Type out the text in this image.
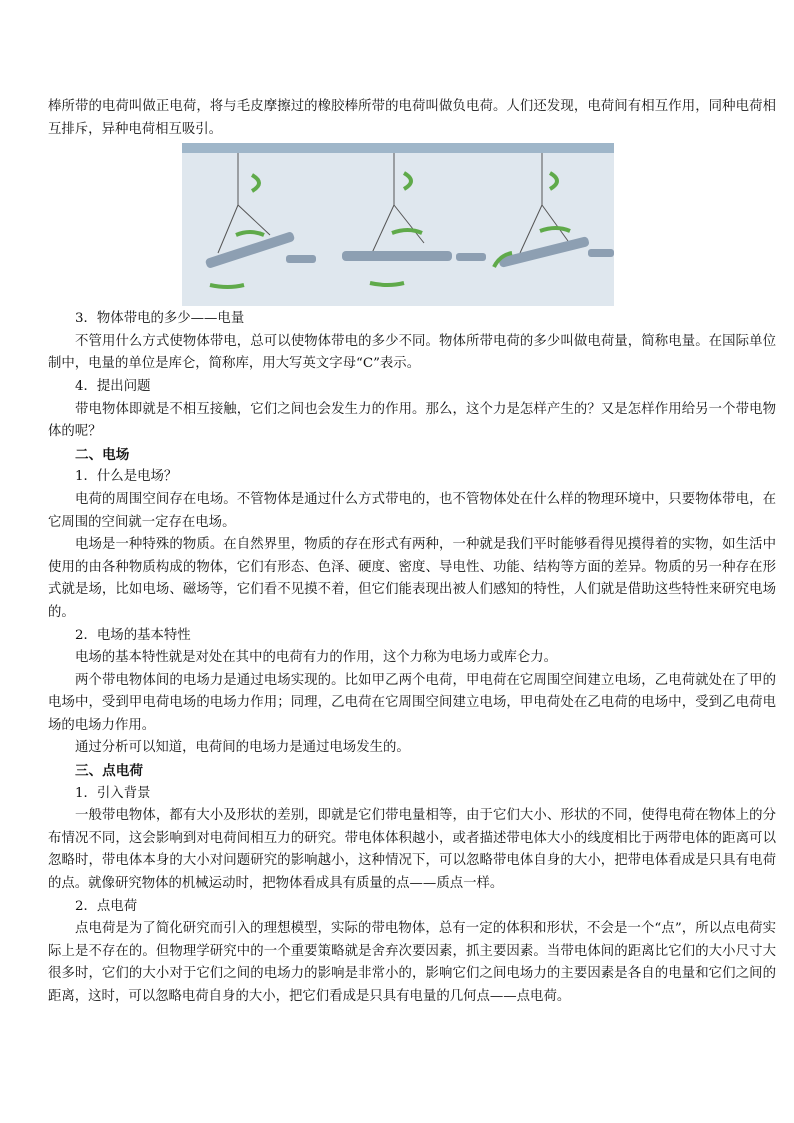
棒所带的电荷叫做正电荷，将与毛皮摩擦过的橡胶棒所带的电荷叫做负电荷。人们还发现，电荷间有相互作用，同种电荷相互排斥，异种电荷相互吸引。

3．物体带电的多少——电量

不管用什么方式使物体带电，总可以使物体带电的多少不同。物体所带电荷的多少叫做电荷量，简称电量。在国际单位制中，电量的单位是库仑，简称库，用大写英文字母“C”表示。

4．提出问题

带电物体即就是不相互接触，它们之间也会发生力的作用。那么，这个力是怎样产生的？又是怎样作用给另一个带电物体的呢？

二、电场

1．什么是电场？

电荷的周围空间存在电场。不管物体是通过什么方式带电的，也不管物体处在什么样的物理环境中，只要物体带电，在它周围的空间就一定存在电场。

电场是一种特殊的物质。在自然界里，物质的存在形式有两种，一种就是我们平时能够看得见摸得着的实物，如生活中使用的由各种物质构成的物体，它们有形态、色泽、硬度、密度、导电性、功能、结构等方面的差异。物质的另一种存在形式就是场，比如电场、磁场等，它们看不见摸不着，但它们能表现出被人们感知的特性，人们就是借助这些特性来研究电场的。

2．电场的基本特性

电场的基本特性就是对处在其中的电荷有力的作用，这个力称为电场力或库仑力。

两个带电物体间的电场力是通过电场实现的。比如甲乙两个电荷，甲电荷在它周围空间建立电场，乙电荷就处在了甲的电场中，受到甲电荷电场的电场力作用；同理，乙电荷在它周围空间建立电场，甲电荷处在乙电荷的电场中，受到乙电荷电场的电场力作用。

通过分析可以知道，电荷间的电场力是通过电场发生的。

三、点电荷

1．引入背景

一般带电物体，都有大小及形状的差别，即就是它们带电量相等，由于它们大小、形状的不同，使得电荷在物体上的分布情况不同，这会影响到对电荷间相互力的研究。带电体体积越小，或者描述带电体大小的线度相比于两带电体的距离可以忽略时，带电体本身的大小对问题研究的影响越小，这种情况下，可以忽略带电体自身的大小，把带电体看成是只具有电荷的点。就像研究物体的机械运动时，把物体看成具有质量的点——质点一样。

2．点电荷

点电荷是为了简化研究而引入的理想模型，实际的带电物体，总有一定的体积和形状，不会是一个“点”，所以点电荷实际上是不存在的。但物理学研究中的一个重要策略就是舍弃次要因素，抓主要因素。当带电体间的距离比它们的大小尺寸大很多时，它们的大小对于它们之间的电场力的影响是非常小的，影响它们之间电场力的主要因素是各自的电量和它们之间的距离，这时，可以忽略电荷自身的大小，把它们看成是只具有电量的几何点——点电荷。
